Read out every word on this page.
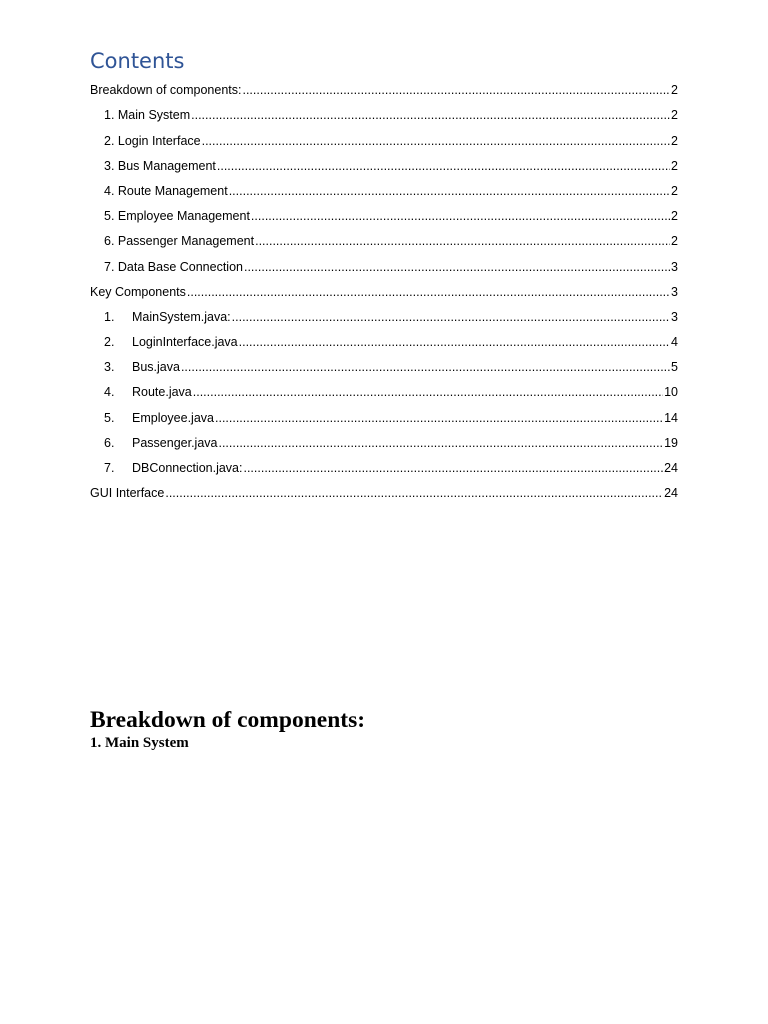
Contents
Breakdown of components: .....	2
1. Main System .....	2
2. Login Interface .....	2
3. Bus Management .....	2
4. Route Management .....	2
5. Employee Management .....	2
6. Passenger Management .....	2
7. Data Base Connection .....	3
Key Components .....	3
1.	MainSystem.java: .....	3
2.	LoginInterface.java .....	4
3.	Bus.java .....	5
4.	Route.java .....	10
5.	Employee.java .....	14
6.	Passenger.java .....	19
7.	DBConnection.java: .....	24
GUI Interface .....	24
Breakdown of components:
1. Main System
